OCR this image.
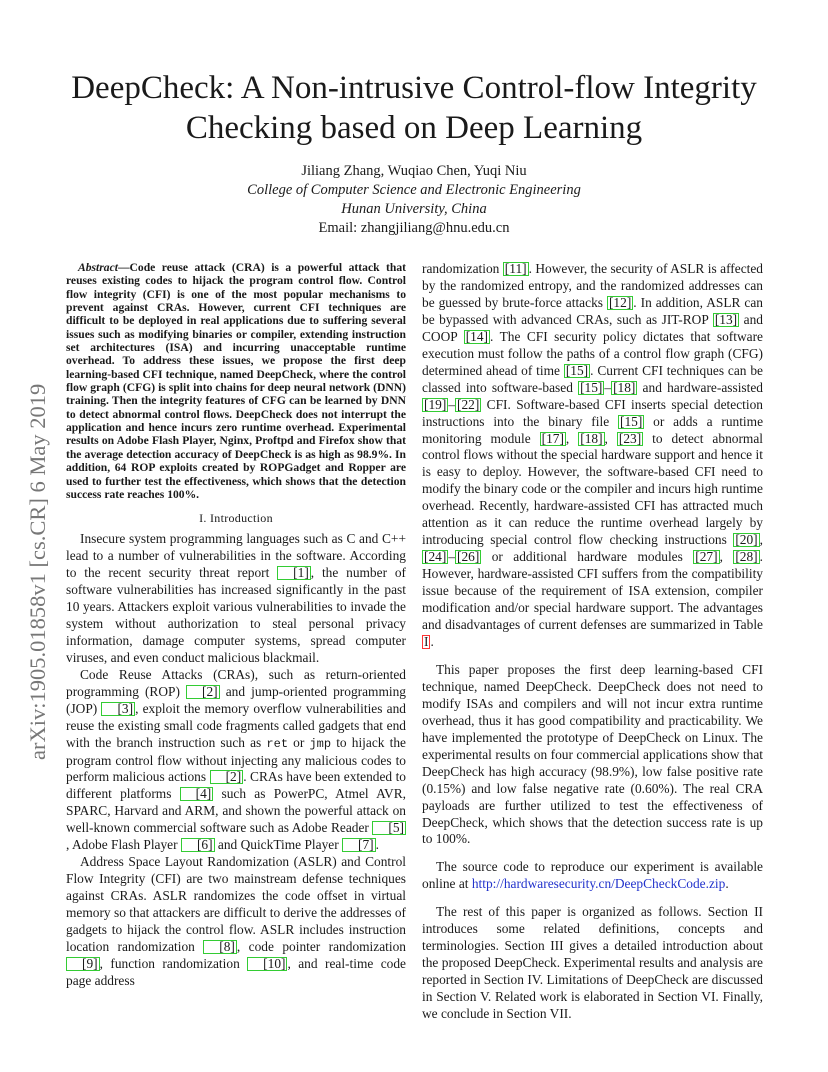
DeepCheck: A Non-intrusive Control-flow Integrity
Checking based on Deep Learning
Jiliang Zhang, Wuqiao Chen, Yuqi Niu
College of Computer Science and Electronic Engineering
Hunan University, China
Email: zhangjiliang@hnu.edu.cn
arXiv:1905.01858v1 [cs.CR] 6 May 2019

Abstract—Code reuse attack (CRA) is a powerful attack that reuses existing codes to hijack the program control flow. Control flow integrity (CFI) is one of the most popular mechanisms to prevent against CRAs. However, current CFI techniques are difficult to be deployed in real applications due to suffering several issues such as modifying binaries or compiler, extending instruction set architectures (ISA) and incurring unacceptable runtime overhead. To address these issues, we propose the first deep learning-based CFI technique, named DeepCheck, where the control flow graph (CFG) is split into chains for deep neural network (DNN) training. Then the integrity features of CFG can be learned by DNN to detect abnormal control flows. DeepCheck does not interrupt the application and hence incurs zero runtime overhead. Experimental results on Adobe Flash Player, Nginx, Proftpd and Firefox show that the average detection accuracy of DeepCheck is as high as 98.9%. In addition, 64 ROP exploits created by ROPGadget and Ropper are used to further test the effectiveness, which shows that the detection success rate reaches 100%.

I. Introduction

Insecure system programming languages such as C and C++ lead to a number of vulnerabilities in the software. According to the recent security threat report [1] , the number of software vulnerabilities has increased significantly in the past 10 years. Attackers exploit various vulnerabilities to invade the system without authorization to steal personal privacy information, damage computer systems, spread computer viruses, and even conduct malicious blackmail.

Code Reuse Attacks (CRAs), such as return-oriented programming (ROP) [2] and jump-oriented programming (JOP) [3] , exploit the memory overflow vulnerabilities and reuse the existing small code fragments called gadgets that end with the branch instruction such as ret or jmp to hijack the program control flow without injecting any malicious codes to perform malicious actions [2] . CRAs have been extended to different platforms [4] such as PowerPC, Atmel AVR, SPARC, Harvard and ARM, and shown the powerful attack on well-known commercial software such as Adobe Reader [5], Adobe Flash Player [6] and QuickTime Player [7] .

Address Space Layout Randomization (ASLR) and Control Flow Integrity (CFI) are two mainstream defense techniques against CRAs. ASLR randomizes the code offset in virtual memory so that attackers are difficult to derive the addresses of gadgets to hijack the control flow. ASLR includes instruction location randomization [8] , code pointer randomization [9] , function randomization [10] , and real-time code page address

randomization [11] . However, the security of ASLR is affected by the randomized entropy, and the randomized addresses can be guessed by brute-force attacks [12] . In addition, ASLR can be bypassed with advanced CRAs, such as JIT-ROP [13] and COOP [14] . The CFI security policy dictates that software execution must follow the paths of a control flow graph (CFG) determined ahead of time [15] . Current CFI techniques can be classed into software-based [15] – [18] and hardware-assisted [19] – [22] CFI. Software-based CFI inserts special detection instructions into the binary file [15] or adds a runtime monitoring module [17] , [18] , [23] to detect abnormal control flows without the special hardware support and hence it is easy to deploy. However, the software-based CFI need to modify the binary code or the compiler and incurs high runtime overhead. Recently, hardware-assisted CFI has attracted much attention as it can reduce the runtime overhead largely by introducing special control flow checking instructions [20] , [24] – [26] or additional hardware modules [27] , [28] . However, hardware-assisted CFI suffers from the compatibility issue because of the requirement of ISA extension, compiler modification and/or special hardware support. The advantages and disadvantages of current defenses are summarized in Table I .

This paper proposes the first deep learning-based CFI technique, named DeepCheck. DeepCheck does not need to modify ISAs and compilers and will not incur extra runtime overhead, thus it has good compatibility and practicability. We have implemented the prototype of DeepCheck on Linux. The experimental results on four commercial applications show that DeepCheck has high accuracy (98.9%), low false positive rate (0.15%) and low false negative rate (0.60%). The real CRA payloads are further utilized to test the effectiveness of DeepCheck, which shows that the detection success rate is up to 100%.

The source code to reproduce our experiment is available online at http://hardwaresecurity.cn/DeepCheckCode.zip.

The rest of this paper is organized as follows. Section II introduces some related definitions, concepts and terminologies. Section III gives a detailed introduction about the proposed DeepCheck. Experimental results and analysis are reported in Section IV. Limitations of DeepCheck are discussed in Section V. Related work is elaborated in Section VI. Finally, we conclude in Section VII.
